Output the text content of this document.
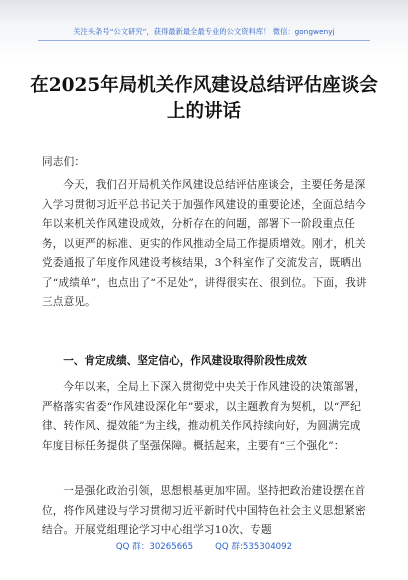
关注头条号“公文研究”，获得最新最全最专业的公文资料库！ 微信：gongwenyj
在2025年局机关作风建设总结评估座谈会上的讲话

同志们：

今天，我们召开局机关作风建设总结评估座谈会，主要任务是深入学习贯彻习近平总书记关于加强作风建设的重要论述，全面总结今年以来机关作风建设成效，分析存在的问题，部署下一阶段重点任务，以更严的标准、更实的作风推动全局工作提质增效。刚才，机关党委通报了年度作风建设考核结果，3个科室作了交流发言，既晒出了“成绩单”，也点出了“不足处”，讲得很实在、很到位。下面，我讲三点意见。

一、肯定成绩、坚定信心，作风建设取得阶段性成效

今年以来，全局上下深入贯彻党中央关于作风建设的决策部署，严格落实省委“作风建设深化年”要求，以主题教育为契机，以“严纪律、转作风、提效能”为主线，推动机关作风持续向好，为圆满完成年度目标任务提供了坚强保障。概括起来，主要有“三个强化”：

一是强化政治引领，思想根基更加牢固。坚持把政治建设摆在首位，将作风建设与学习贯彻习近平新时代中国特色社会主义思想紧密结合。开展党组理论学习中心组学习10次、专题

QQ 群：30265665	QQ 群:535304092
